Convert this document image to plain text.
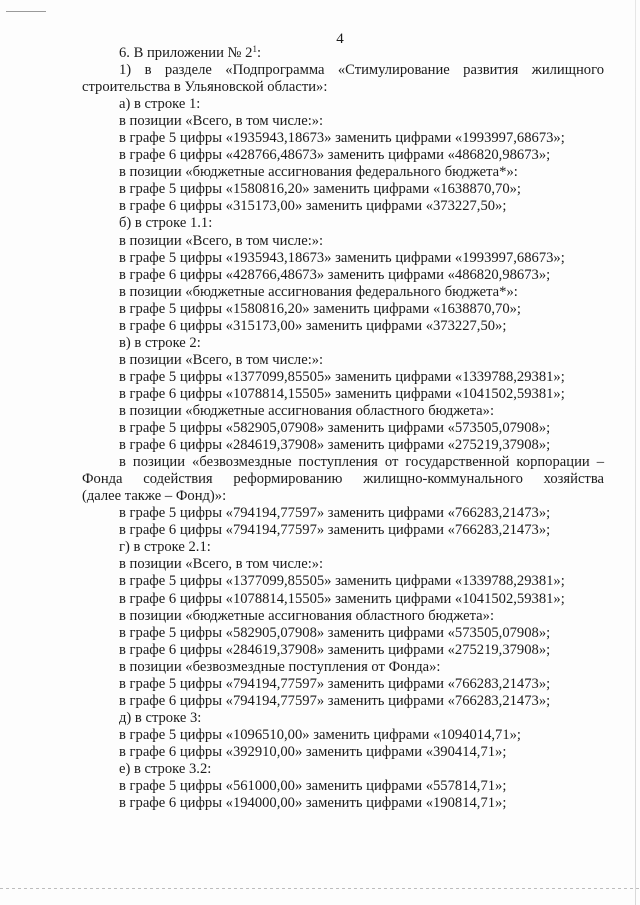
4
6. В приложении № $2^1$:
1) в разделе «Подпрограмма «Стимулирование развития жилищного
строительства в Ульяновской области»:
а) в строке 1:
в позиции «Всего, в том числе:»:
в графе 5 цифры «1935943,18673» заменить цифрами «1993997,68673»;
в графе 6 цифры «428766,48673» заменить цифрами «486820,98673»;
в позиции «бюджетные ассигнования федерального бюджета*»:
в графе 5 цифры «1580816,20» заменить цифрами «1638870,70»;
в графе 6 цифры «315173,00» заменить цифрами «373227,50»;
б) в строке 1.1:
в позиции «Всего, в том числе:»:
в графе 5 цифры «1935943,18673» заменить цифрами «1993997,68673»;
в графе 6 цифры «428766,48673» заменить цифрами «486820,98673»;
в позиции «бюджетные ассигнования федерального бюджета*»:
в графе 5 цифры «1580816,20» заменить цифрами «1638870,70»;
в графе 6 цифры «315173,00» заменить цифрами «373227,50»;
в) в строке 2:
в позиции «Всего, в том числе:»:
в графе 5 цифры «1377099,85505» заменить цифрами «1339788,29381»;
в графе 6 цифры «1078814,15505» заменить цифрами «1041502,59381»;
в позиции «бюджетные ассигнования областного бюджета»:
в графе 5 цифры «582905,07908» заменить цифрами «573505,07908»;
в графе 6 цифры «284619,37908» заменить цифрами «275219,37908»;
в позиции «безвозмездные поступления от государственной корпорации –
Фонда содействия реформированию жилищно-коммунального хозяйства
(далее также – Фонд)»:
в графе 5 цифры «794194,77597» заменить цифрами «766283,21473»;
в графе 6 цифры «794194,77597» заменить цифрами «766283,21473»;
г) в строке 2.1:
в позиции «Всего, в том числе:»:
в графе 5 цифры «1377099,85505» заменить цифрами «1339788,29381»;
в графе 6 цифры «1078814,15505» заменить цифрами «1041502,59381»;
в позиции «бюджетные ассигнования областного бюджета»:
в графе 5 цифры «582905,07908» заменить цифрами «573505,07908»;
в графе 6 цифры «284619,37908» заменить цифрами «275219,37908»;
в позиции «безвозмездные поступления от Фонда»:
в графе 5 цифры «794194,77597» заменить цифрами «766283,21473»;
в графе 6 цифры «794194,77597» заменить цифрами «766283,21473»;
д) в строке 3:
в графе 5 цифры «1096510,00» заменить цифрами «1094014,71»;
в графе 6 цифры «392910,00» заменить цифрами «390414,71»;
е) в строке 3.2:
в графе 5 цифры «561000,00» заменить цифрами «557814,71»;
в графе 6 цифры «194000,00» заменить цифрами «190814,71»;
